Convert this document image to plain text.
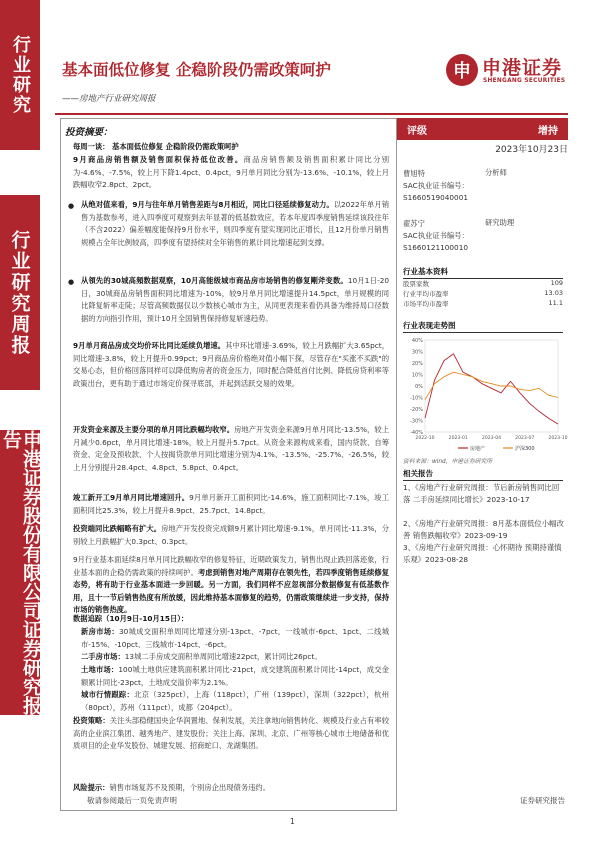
行业研究
行业研究周报
申港证券股份有限公司证券研究报告
基本面低位修复 企稳阶段仍需政策呵护
——房地产行业研究周报
申 申港证券
SHENGANG SECURITIES
投资摘要：
每周一谈： 基本面低位修复 企稳阶段仍需政策呵护
9月商品房销售额及销售面积保持低位改善。商品房销售额及销售面积累计同比分别为-4.6%、-7.5%，较上月下降1.4pct、0.4pct，9月单月同比分别为-13.6%、-10.1%，较上月跌幅收窄2.8pct、2pct。
● 从绝对值来看，9月与往年单月销售差距与8月相近，同比口径延续修复动力。以2022年单月销售为基数参考，进入四季度可观察到去年显著的低基数效应，若本年度四季度销售延续该段往年（不含2022）偏差幅度能保持9月份水平，则四季度有望实现同比正增长，且12月份单月销售规模占全年比例较高，四季度有望持续对全年销售的累计同比增速起到支撑。
● 从領先的30城高頻数据观察，10月高能级城市商品房市场销售的修复剛斧变数。10月1日-20日，30城商品房销售面积同比增速为-10%，较9月单月同比增速提升14.5pct，单月规模的同比降复斩率走陡；尽管高频数据仅以少数核心城市为主，从同更表现来看仍具备为维持局口径数据的方向指引作用，预计10月全国销售保持修复斩速趋势。
9月单月商品房成交均价环比同比延续负增速。其中环比增速-3.69%，较上月跌幅扩大3.65pct，同比增速-3.8%，较上月提升0.99pct；9月商品房价格绝对值小幅下探，尽管存在"买涨不买跌"的交易心态，但价格回落同样可以降低购房者的资金压力，同时配合降低首付比例、降低房贷利率等政策出台，更有助于通过市场定价探寻底部，并起到活跃交易的效果。
开发资金来源及主要分项的单月同比跌幅均收窄。房地产开发资金来源9月单月同比-13.5%，较上月减少0.6pct，单月同比增速-18%，较上月提升5.7pct。从资金来源构成来看，国内贷款、自筹资金、定金及预收款、个人按揭贷款单月同比增速分别为4.1%、-13.5%、-25.7%、-26.5%，较上月分别提升28.4pct、4.8pct、5.8pct、0.4pct。
竣工新开工9月单月同比增速回升。9月单月新开工面积同比-14.6%，施工面积同比-7.1%，竣工面积同比25.3%，较上月提升8.9pct、25.7pct、14.8pct。
投资端同比跌幅略有扩大。房地产开发投资完成额9月累计同比增速-9.1%，单月同比-11.3%，分别较上月跌幅扩大0.3pct、0.3pct。
9月行业基本面延续8月单月同比跌幅收窄的修复特征，近期政策发力，销售出现止跌回落迹象，行业基本面的企稳仍需政策的持续呵护。考虑到销售对地产周期存在领先性，若四季度销售延续修复态势，将有助于行业基本面进一步回暖。另一方面，我们同样不应忽视部分数据修复有低基数作用，且十一节后销售热度有所放缓，因此维持基本面修复的趋势，仍需政策继续进一步支持，保持市场的销售热度。
数据追踪（10月9日-10月15日）：
新房市场：30城成交面积单周同比增速分别-13pct、-7pct，一线城市-6pct、1pct、二线城市-15%、-10pct、三线城市-14pct、-6pct。
二手房市场：13城二手房成交面积单周同比增速22pct，累计同比26pct。
土地市场：100城土地供应建筑面积累计同比-21pct，成交建筑面积累计同比-14pct，成交金额累计同比-23pct，土地成交溢价率为2.1%。
城市行情跟踪：北京（325pct），上海（118pct），广州（139pct），深圳（322pct），杭州（80pct），苏州（111pct），成都（204pct）。
投资策略：关注头部稳健国央企华润置地、保利发展，关注拿地向销售转化、规模及行业占有率较高的企业滨江集团、越秀地产、建发股份；关注上海、深圳、北京、广州等核心城市土地储备和优质项目的企业华发股份、城建发展、招商蛇口、龙湖集团。
风险提示：销售市场复苏不及预期，个别房企出现债务违约。
评级	增持
2023年10月23日
曹旭特	分析师
SAC执业证书编号：
S1660519040001
翟苏宁	研究助理
SAC执业证书编号：
S1660121100010
行业基本资料
股票家数	109
行业平均市盈率	13.03
市场平均市盈率	11.1
行业表现走势图
40%
30%
20%
10%
0%
-10%
-20%
-30%
-40%
2022-10	2023-01	2023-04	2023-07	2023-10
房地产	沪深300
资料来源：wind，申港证券研究所
相关报告
1、《房地产行业研究周报：节后新房销售同比回落 二手房延续同比增长》2023-10-17
2、《房地产行业研究周报：8月基本面低位小幅改善 销售跌幅收窄》2023-09-19
3、《房地产行业研究周报：心怀期待 预期持谨慎乐观》2023-08-28
敬请参阅最后一页免责声明	证券研究报告
1
